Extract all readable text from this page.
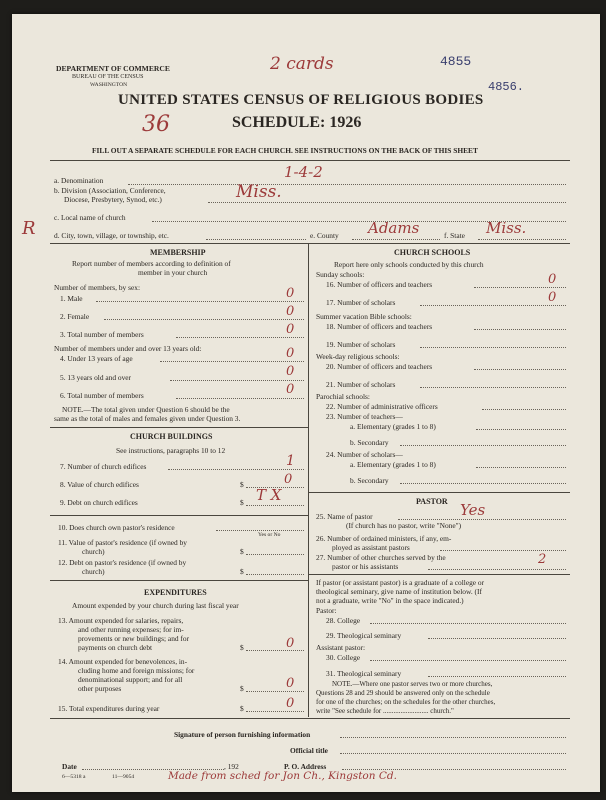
DEPARTMENT OF COMMERCE
BUREAU OF THE CENSUS
WASHINGTON
2 cards	4855
4856.
UNITED STATES CENSUS OF RELIGIOUS BODIES
36	SCHEDULE: 1926
FILL OUT A SEPARATE SCHEDULE FOR EACH CHURCH. SEE INSTRUCTIONS ON THE BACK OF THIS SHEET
a. Denomination	1-4-2
b. Division (Association, Conference,
Diocese, Presbytery, Synod, etc.)	Miss.
R
c. Local name of church
d. City, town, village, or township, etc.	e. County Adams	f. State Miss.
MEMBERSHIP
Report number of members according to definition of
member in your church
Number of members, by sex:
1. Male	0
2. Female	0
3. Total number of members	0
Number of members under and over 13 years old:
4. Under 13 years of age	0
5. 13 years old and over	0
6. Total number of members	0
NOTE.—The total given under Question 6 should be the
same as the total of males and females given under Question 3.
CHURCH BUILDINGS
See instructions, paragraphs 10 to 12
7. Number of church edifices	1
8. Value of church edifices	$	0
9. Debt on church edifices	$ T X
10. Does church own pastor's residence
Yes or No
11. Value of pastor's residence (if owned by
church)	$
12. Debt on pastor's residence (if owned by
church)	$
EXPENDITURES
Amount expended by your church during last fiscal year
13. Amount expended for salaries, repairs,
and other running expenses; for im-
provements or new buildings; and for
payments on church debt	$	0
14. Amount expended for benevolences, in-
cluding home and foreign missions; for
denominational support; and for all
other purposes	$	0
15. Total expenditures during year	$	0
CHURCH SCHOOLS
Report here only schools conducted by this church
Sunday schools:
16. Number of officers and teachers	0
17. Number of scholars	0
Summer vacation Bible schools:
18. Number of officers and teachers
19. Number of scholars
Week-day religious schools:
20. Number of officers and teachers
21. Number of scholars
Parochial schools:
22. Number of administrative officers
23. Number of teachers—
a. Elementary (grades 1 to 8)
b. Secondary
24. Number of scholars—
a. Elementary (grades 1 to 8)
b. Secondary
PASTOR
25. Name of pastor	Yes
(If church has no pastor, write "None")
26. Number of ordained ministers, if any, em-
ployed as assistant pastors
27. Number of other churches served by the
pastor or his assistants	2
If pastor (or assistant pastor) is a graduate of a college or
theological seminary, give name of institution below. (If
not a graduate, write "No" in the space indicated.)
Pastor:
28. College
29. Theological seminary
Assistant pastor:
30. College
31. Theological seminary
NOTE.—Where one pastor serves two or more churches,
Questions 28 and 29 should be answered only on the schedule
for one of the churches; on the schedules for the other churches,
write "See schedule for .......................... church."
Signature of person furnishing information
Official title
Date	, 192	P. O. Address
6—5318 a	11—9054	Made from sched for Jon Ch., Kingston Cd.
